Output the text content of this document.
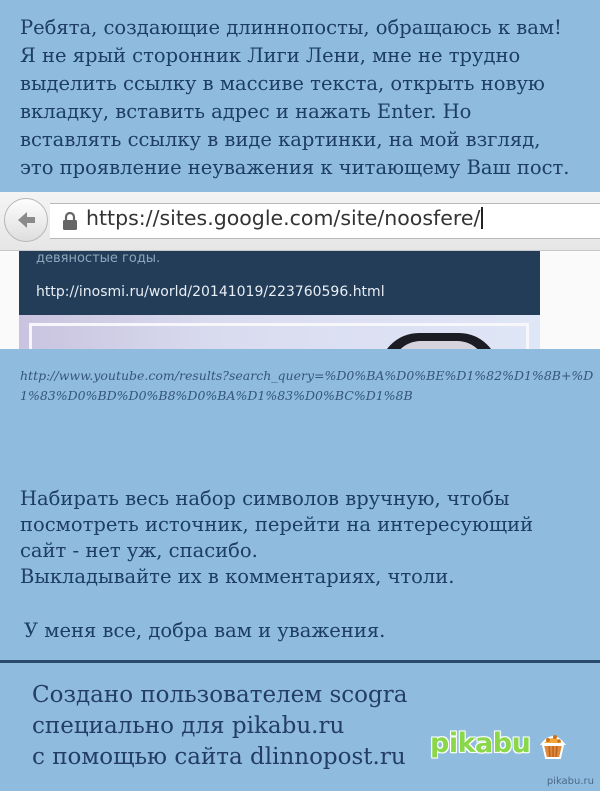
Ребята, создающие длиннопосты, обращаюсь к вам!
Я не ярый сторонник Лиги Лени, мне не трудно
выделить ссылку в массиве текста, открыть новую
вкладку, вставить адрес и нажать Enter. Но
вставлять ссылку в виде картинки, на мой взгляд,
это проявление неуважения к читающему Ваш пост.
https://sites.google.com/site/noosfere/
девяностые годы.
http://inosmi.ru/world/20141019/223760596.html
http://www.youtube.com/results?search_query=%D0%BA%D0%BE%D1%82%D1%8B+%D1%83%D0%BD%D0%B8%D0%BA%D1%83%D0%BC%D1%8B
Набирать весь набор символов вручную, чтобы
посмотреть источник, перейти на интересующий
сайт - нет уж, спасибо.
Выкладывайте их в комментариях, чтоли.
У меня все, добра вам и уважения.
Создано пользователем scogra
специально для pikabu.ru
с помощью сайта dlinnopost.ru pikabu
pikabu.ru
